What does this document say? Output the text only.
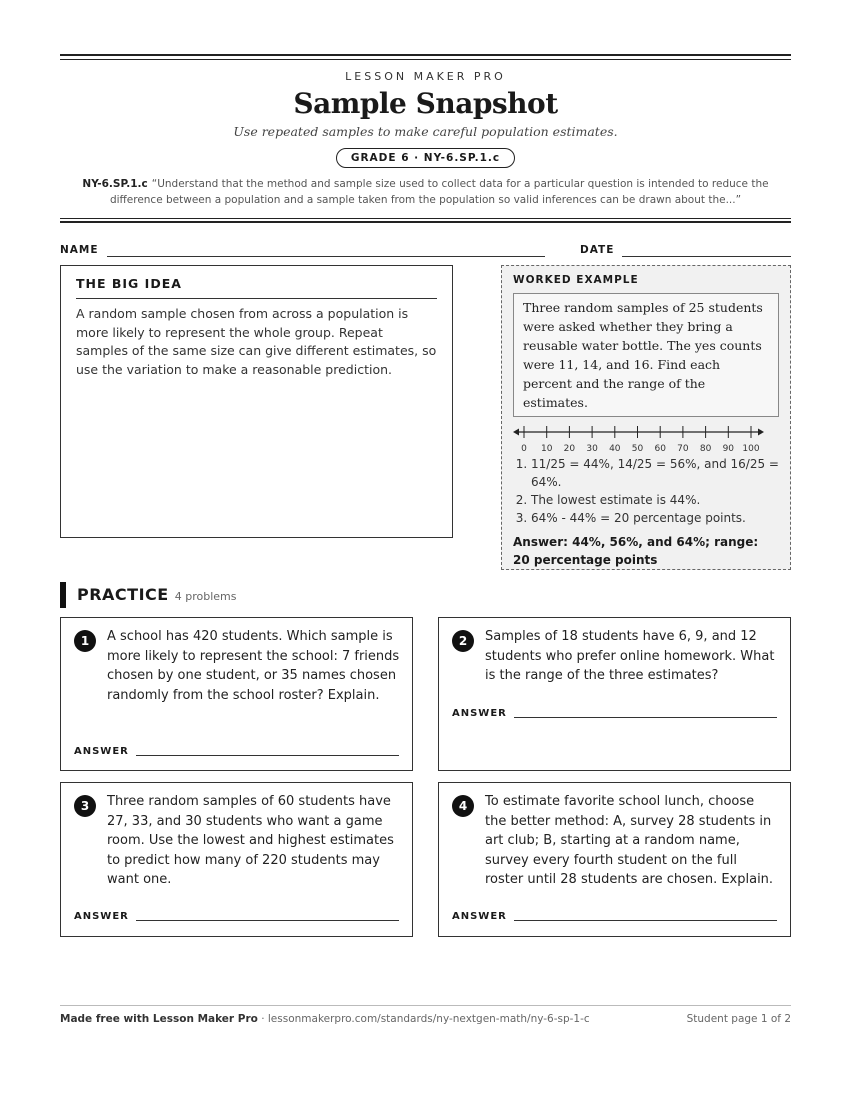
LESSON MAKER PRO
Sample Snapshot
Use repeated samples to make careful population estimates.
GRADE 6 · NY-6.SP.1.c
NY-6.SP.1.c “Understand that the method and sample size used to collect data for a particular question is intended to reduce the difference between a population and a sample taken from the population so valid inferences can be drawn about the...”
NAME	DATE
THE BIG IDEA

A random sample chosen from across a population is more likely to represent the whole group. Repeat samples of the same size can give different estimates, so use the variation to make a reasonable prediction.

WORKED EXAMPLE
Three random samples of 25 students were asked whether they bring a reusable water bottle. The yes counts were 11, 14, and 16. Find each percent and the range of the estimates.
0 10 20 30 40 50 60 70 80 90 100
1. 11/25 = 44%, 14/25 = 56%, and 16/25 = 64%.
2. The lowest estimate is 44%.
3. 64% - 44% = 20 percentage points.
Answer: 44%, 56%, and 64%; range: 20 percentage points
PRACTICE 4 problems
1	A school has 420 students. Which sample is more likely to represent the school: 7 friends chosen by one student, or 35 names chosen randomly from the school roster? Explain.
ANSWER
2	Samples of 18 students have 6, 9, and 12 students who prefer online homework. What is the range of the three estimates?
ANSWER
3	Three random samples of 60 students have 27, 33, and 30 students who want a game room. Use the lowest and highest estimates to predict how many of 220 students may want one.
ANSWER
4	To estimate favorite school lunch, choose the better method: A, survey 28 students in art club; B, starting at a random name, survey every fourth student on the full roster until 28 students are chosen. Explain.
ANSWER
Made free with Lesson Maker Pro · lessonmakerpro.com/standards/ny-nextgen-math/ny-6-sp-1-c	Student page 1 of 2
